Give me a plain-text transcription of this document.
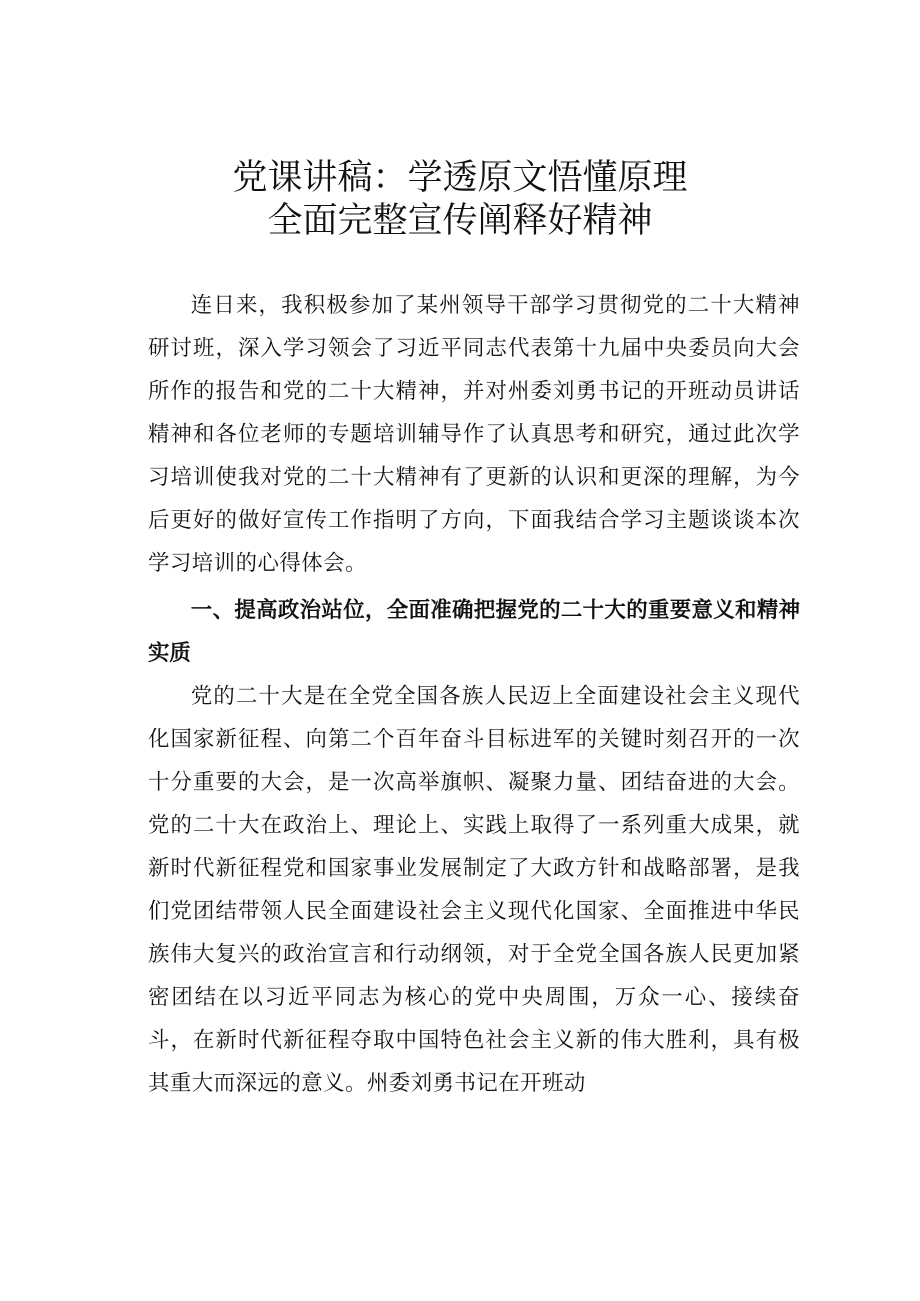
党课讲稿：学透原文悟懂原理
全面完整宣传阐释好精神

连日来，我积极参加了某州领导干部学习贯彻党的二十大精神研讨班，深入学习领会了习近平同志代表第十九届中央委员向大会所作的报告和党的二十大精神，并对州委刘勇书记的开班动员讲话精神和各位老师的专题培训辅导作了认真思考和研究，通过此次学习培训使我对党的二十大精神有了更新的认识和更深的理解，为今后更好的做好宣传工作指明了方向，下面我结合学习主题谈谈本次学习培训的心得体会。

一、提高政治站位，全面准确把握党的二十大的重要意义和精神实质

党的二十大是在全党全国各族人民迈上全面建设社会主义现代化国家新征程、向第二个百年奋斗目标进军的关键时刻召开的一次十分重要的大会，是一次高举旗帜、凝聚力量、团结奋进的大会。党的二十大在政治上、理论上、实践上取得了一系列重大成果，就新时代新征程党和国家事业发展制定了大政方针和战略部署，是我们党团结带领人民全面建设社会主义现代化国家、全面推进中华民族伟大复兴的政治宣言和行动纲领，对于全党全国各族人民更加紧密团结在以习近平同志为核心的党中央周围，万众一心、接续奋斗，在新时代新征程夺取中国特色社会主义新的伟大胜利，具有极其重大而深远的意义。州委刘勇书记在开班动
